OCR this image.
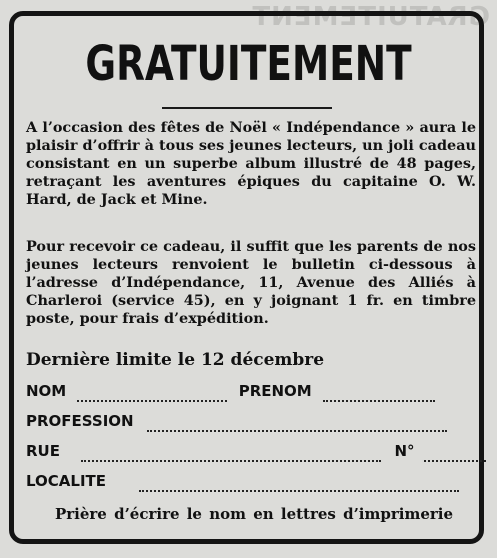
GRATUITEMENT
GRATUITEMENT
A l’occasion des fêtes de Noël « Indépendance » aura le plaisir d’offrir à tous ses jeunes lecteurs, un joli cadeau consistant en un superbe album illustré de 48 pages, retraçant les aventures épiques du capitaine O. W. Hard, de Jack et Mine.
Pour recevoir ce cadeau, il suffit que les parents de nos jeunes lecteurs renvoient le bulletin ci-dessous à l’adresse d’Indépendance, 11, Avenue des Alliés à Charleroi (service 45), en y joignant 1 fr. en timbre poste, pour frais d’expédition.
Dernière limite le 12 décembre
NOM	PRENOM
PROFESSION
RUE	N°
LOCALITE
Prière d’écrire le nom en lettres d’imprimerie
